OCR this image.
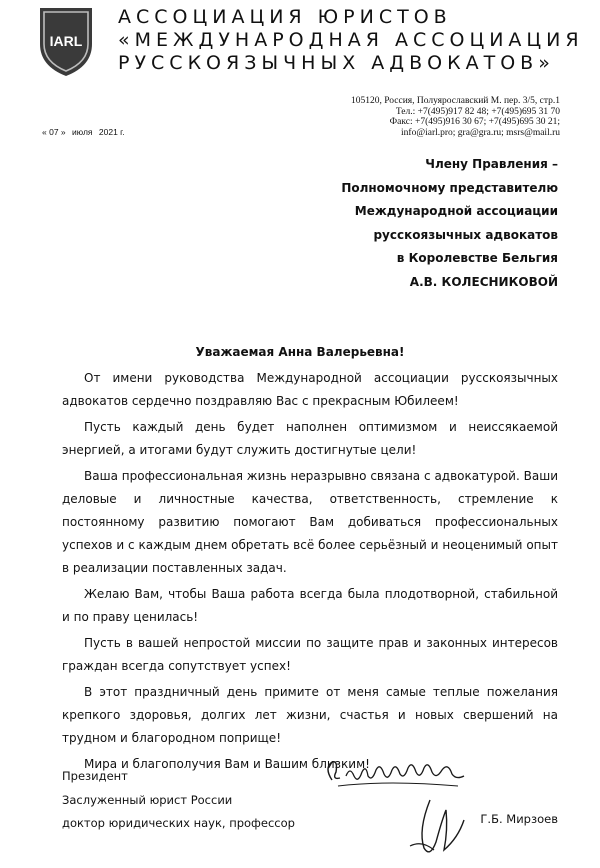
IARL
АССОЦИАЦИЯ ЮРИСТОВ
«МЕЖДУНАРОДНАЯ АССОЦИАЦИЯ
РУССКОЯЗЫЧНЫХ АДВОКАТОВ»
105120, Россия, Полуярославский М. пер. 3/5, стр.1
Тел.: +7(495)917 82 48; +7(495)695 31 70
Факс: +7(495)916 30 67; +7(495)695 30 21;
info@iarl.pro; gra@gra.ru; msrs@mail.ru
« 07 » июля 2021 г.
Члену Правления –
Полномочному представителю
Международной ассоциации
русскоязычных адвокатов
в Королевстве Бельгия
А.В. КОЛЕСНИКОВОЙ
Уважаемая Анна Валерьевна!

От имени руководства Международной ассоциации русскоязычных адвокатов сердечно поздравляю Вас с прекрасным Юбилеем!

Пусть каждый день будет наполнен оптимизмом и неиссякаемой энергией, а итогами будут служить достигнутые цели!

Ваша профессиональная жизнь неразрывно связана с адвокатурой. Ваши деловые и личностные качества, ответственность, стремление к постоянному развитию помогают Вам добиваться профессиональных успехов и с каждым днем обретать всё более серьёзный и неоценимый опыт в реализации поставленных задач.

Желаю Вам, чтобы Ваша работа всегда была плодотворной, стабильной и по праву ценилась!

Пусть в вашей непростой миссии по защите прав и законных интересов граждан всегда сопутствует успех!

В этот праздничный день примите от меня самые теплые пожелания крепкого здоровья, долгих лет жизни, счастья и новых свершений на трудном и благородном поприще!

Мира и благополучия Вам и Вашим близким!

Президент
Заслуженный юрист России
доктор юридических наук, профессор	Г.Б. Мирзоев
